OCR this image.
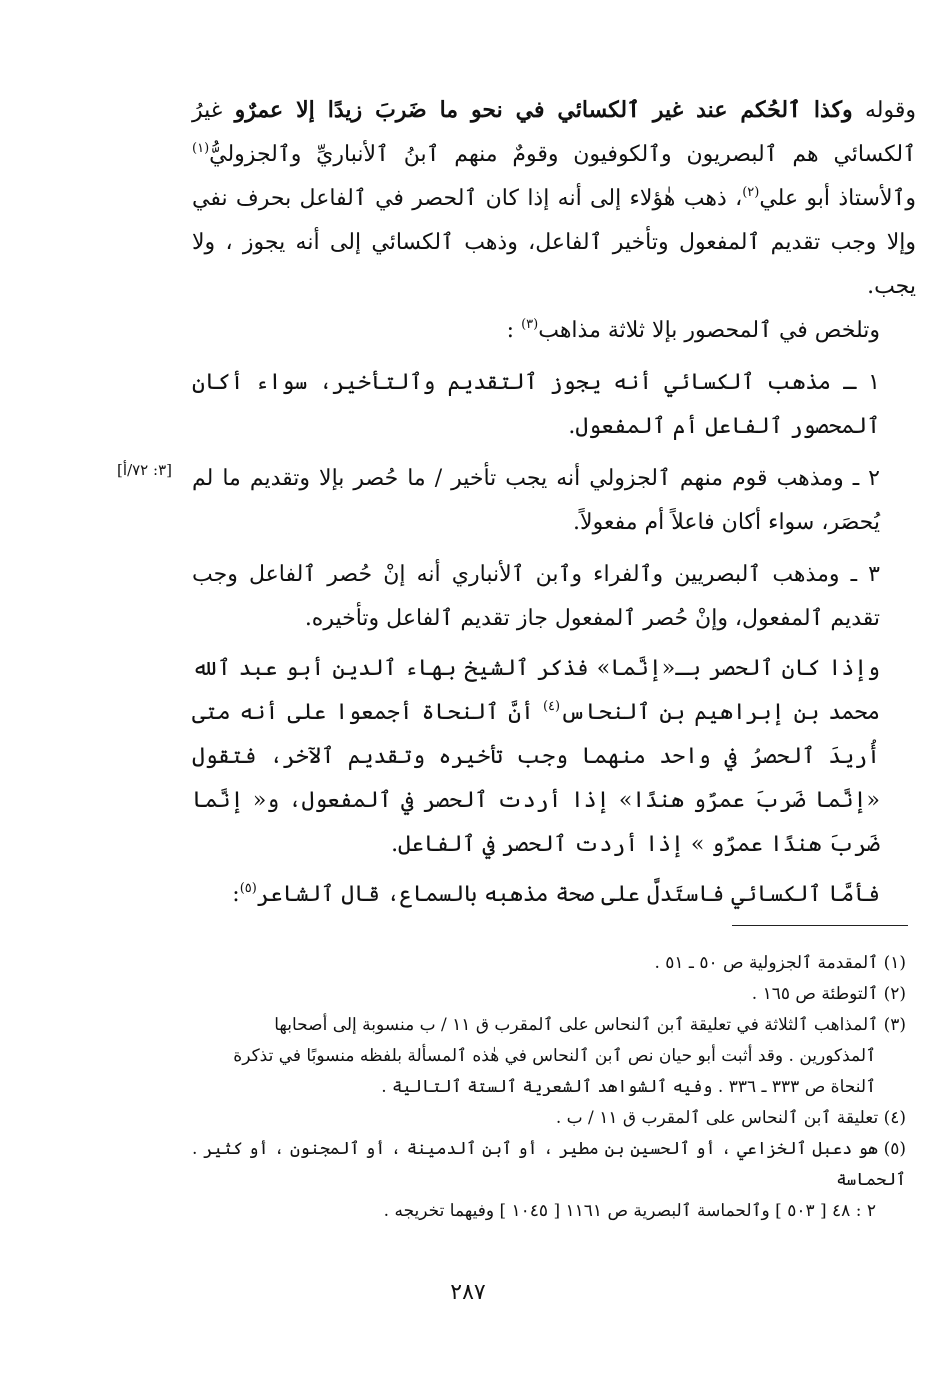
وقوله وكذا ٱلحُكم عند غير ٱلكسائي في نحو ما ضَربَ زيدًا إلا عمرٌو غيرُ ٱلكسائي هم ٱلبصريون وٱلكوفيون وقومٌ منهم ٱبنُ ٱلأنباريِّ وٱلجزوليُّ$^{(١)}$ وٱلأستاذ أبو علي$^{(٢)}$، ذهب هٰؤلاء إلى أنه إذا كان ٱلحصر في ٱلفاعل بحرف نفي وإلا وجب تقديم ٱلمفعول وتأخير ٱلفاعل، وذهب ٱلكسائي إلى أنه يجوز ، ولا يجب.

وتلخص في ٱلمحصور بإلا ثلاثة مذاهب$^{(٣)}$ :

١ ـ مذهب ٱلكسائي أنه يجوز ٱلتقديم وٱلتأخير، سواء أكان ٱلمحصور ٱلفاعل أم ٱلمفعول.

٢ ـ ومذهب قوم منهم ٱلجزولي أنه يجب تأخير / ما حُصر بإلا وتقديم ما لم يُحصَر، سواء أكان فاعلاً أم مفعولاً.

٣ ـ ومذهب ٱلبصريين وٱلفراء وٱبن ٱلأنباري أنه إنْ حُصر ٱلفاعل وجب تقديم ٱلمفعول، وإنْ حُصر ٱلمفعول جاز تقديم ٱلفاعل وتأخيره.

وإذا كان ٱلحصر بـ«إنَّما» فذكر ٱلشيخ بهاء ٱلدين أبو عبد ٱلله محمد بن إبراهيم بن ٱلنحاس$^{(٤)}$ أنَّ ٱلنحاة أجمعوا على أنه متى أُريدَ ٱلحصرُ في واحد منهما وجب تأخيره وتقديم ٱلآخر، فتقول «إنَّما ضَربَ عمرٌو هندًا» إذا أردت ٱلحصر في ٱلمفعول، و« إنَّما ضَربَ هندًا عمرٌو » إذا أردت ٱلحصر في ٱلفاعل.

فأمَّا ٱلكسائي فاستَدلَّ على صحة مذهبه بالسماع، قال ٱلشاعر$^{(٥)}$:

[٣: ٧٢/أ]

(١) ٱلمقدمة ٱلجزولية ص ٥٠ ـ ٥١ .

(٢) ٱلتوطئة ص ١٦٥ .

(٣) ٱلمذاهب ٱلثلاثة في تعليقة ٱبن ٱلنحاس على ٱلمقرب ق ١١ / ب منسوبة إلى أصحابها

ٱلمذكورين . وقد أثبت أبو حيان نص ٱبن ٱلنحاس في هٰذه ٱلمسألة بلفظه منسوبًا في تذكرة

ٱلنحاة ص ٣٣٣ ـ ٣٣٦ . وفيه ٱلشواهد ٱلشعرية ٱلستة ٱلتالية .

(٤) تعليقة ٱبن ٱلنحاس على ٱلمقرب ق ١١ / ب .

(٥) هو دعبل ٱلخزاعي ، أو ٱلحسين بن مطير ، أو ٱبن ٱلدمينة ، أو ٱلمجنون ، أو كثير . ٱلحماسة

٢ : ٤٨ [ ٥٠٣ ] وٱلحماسة ٱلبصرية ص ١١٦١ [ ١٠٤٥ ] وفيهما تخريجه .

٢٨٧
